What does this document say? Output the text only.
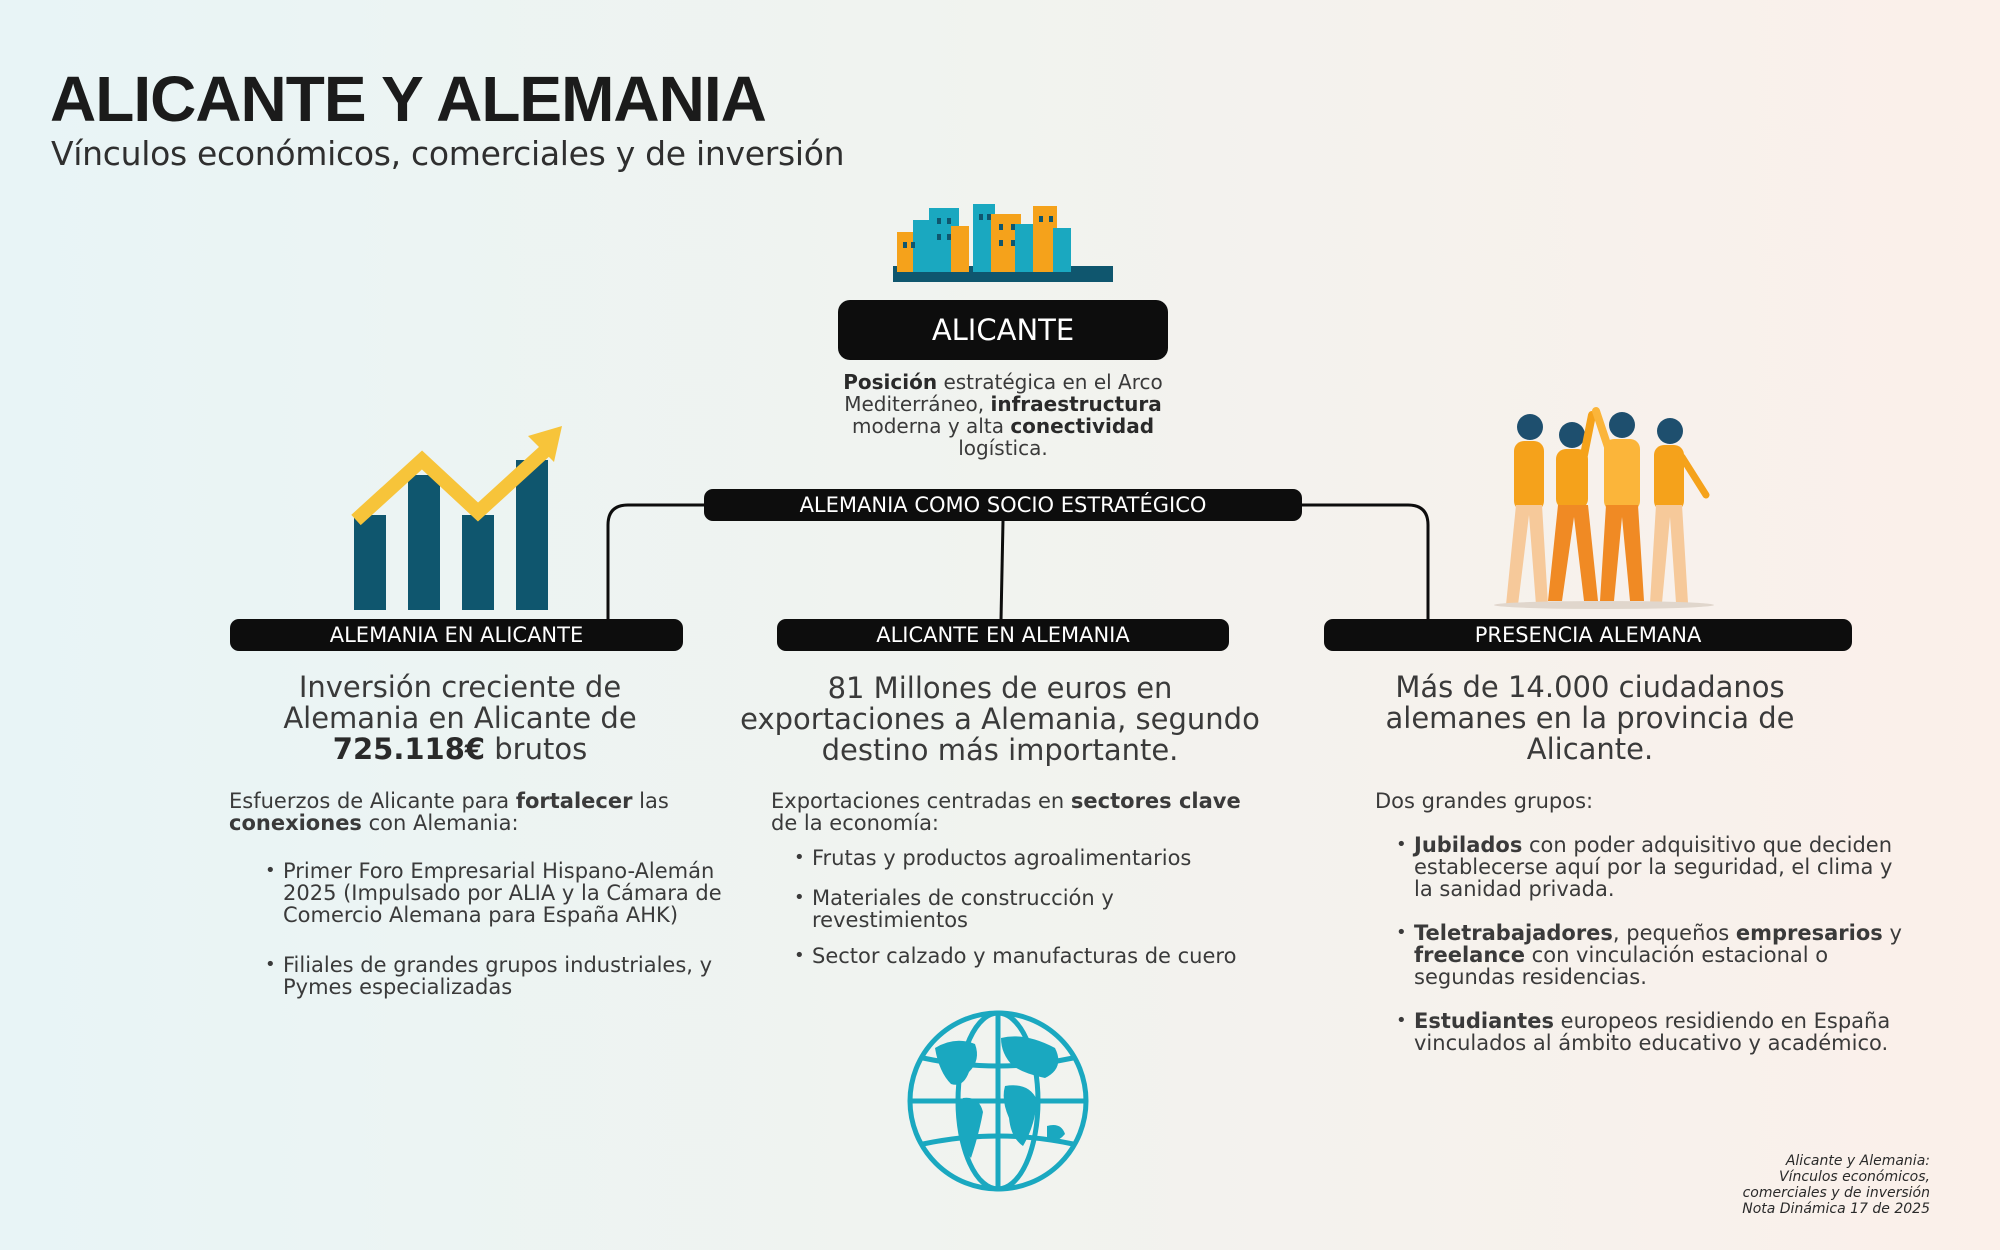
ALICANTE Y ALEMANIA

Vínculos económicos, comerciales y de inversión

ALICANTE
Posición estratégica en el Arco Mediterráneo, infraestructura moderna y alta conectividad logística.
ALEMANIA COMO SOCIO ESTRATÉGICO
ALEMANIA EN ALICANTE	ALICANTE EN ALEMANIA	PRESENCIA ALEMANA
Inversión creciente de Alemania en Alicante de
725.118€ brutos
Esfuerzos de Alicante para fortalecer las conexiones con Alemania:
• Primer Foro Empresarial Hispano-Alemán 2025 (Impulsado por ALIA y la Cámara de Comercio Alemana para España AHK)
• Filiales de grandes grupos industriales, y Pymes especializadas
81 Millones de euros en exportaciones a Alemania, segundo destino más importante.
Exportaciones centradas en sectores clave de la economía:
• Frutas y productos agroalimentarios
• Materiales de construcción y revestimientos
• Sector calzado y manufacturas de cuero
Más de 14.000 ciudadanos alemanes en la provincia de Alicante.
Dos grandes grupos:
• Jubilados con poder adquisitivo que deciden establecerse aquí por la seguridad, el clima y la sanidad privada.
• Teletrabajadores, pequeños empresarios y freelance con vinculación estacional o segundas residencias.
• Estudiantes europeos residiendo en España vinculados al ámbito educativo y académico.
Alicante y Alemania:
Vínculos económicos,
comerciales y de inversión
Nota Dinámica 17 de 2025
